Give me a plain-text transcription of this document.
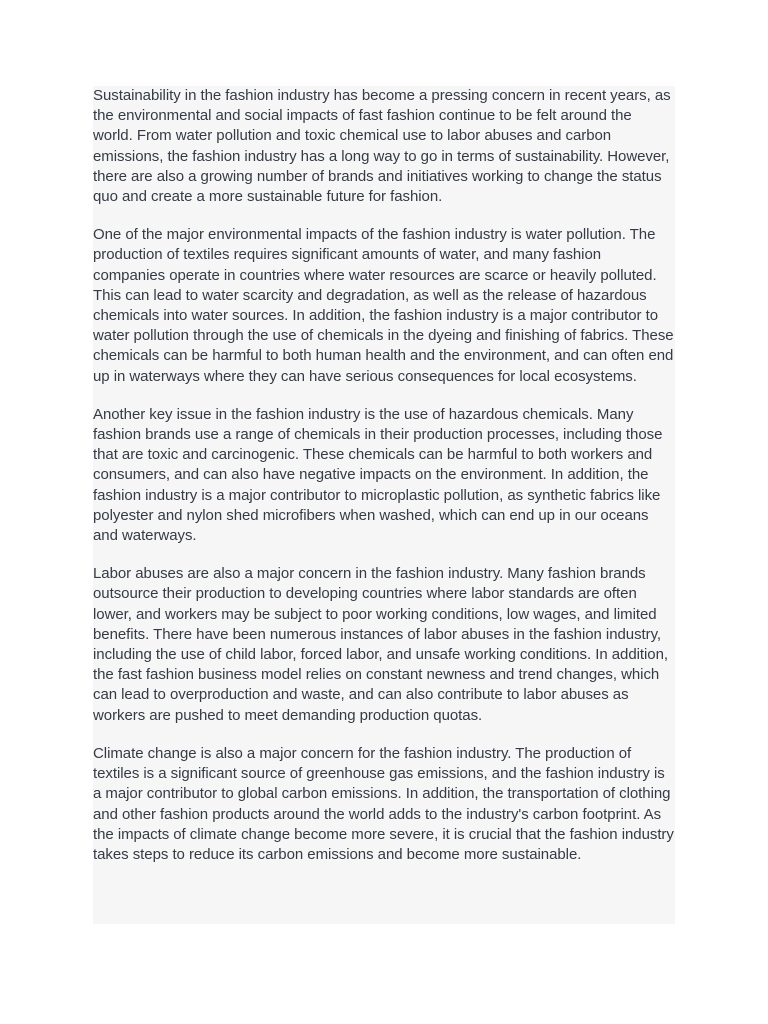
Sustainability in the fashion industry has become a pressing concern in recent years, as the environmental and social impacts of fast fashion continue to be felt around the world. From water pollution and toxic chemical use to labor abuses and carbon emissions, the fashion industry has a long way to go in terms of sustainability. However, there are also a growing number of brands and initiatives working to change the status quo and create a more sustainable future for fashion.

One of the major environmental impacts of the fashion industry is water pollution. The production of textiles requires significant amounts of water, and many fashion companies operate in countries where water resources are scarce or heavily polluted. This can lead to water scarcity and degradation, as well as the release of hazardous chemicals into water sources. In addition, the fashion industry is a major contributor to water pollution through the use of chemicals in the dyeing and finishing of fabrics. These chemicals can be harmful to both human health and the environment, and can often end up in waterways where they can have serious consequences for local ecosystems.

Another key issue in the fashion industry is the use of hazardous chemicals. Many fashion brands use a range of chemicals in their production processes, including those that are toxic and carcinogenic. These chemicals can be harmful to both workers and consumers, and can also have negative impacts on the environment. In addition, the fashion industry is a major contributor to microplastic pollution, as synthetic fabrics like polyester and nylon shed microfibers when washed, which can end up in our oceans and waterways.

Labor abuses are also a major concern in the fashion industry. Many fashion brands outsource their production to developing countries where labor standards are often lower, and workers may be subject to poor working conditions, low wages, and limited benefits. There have been numerous instances of labor abuses in the fashion industry, including the use of child labor, forced labor, and unsafe working conditions. In addition, the fast fashion business model relies on constant newness and trend changes, which can lead to overproduction and waste, and can also contribute to labor abuses as workers are pushed to meet demanding production quotas.

Climate change is also a major concern for the fashion industry. The production of textiles is a significant source of greenhouse gas emissions, and the fashion industry is a major contributor to global carbon emissions. In addition, the transportation of clothing and other fashion products around the world adds to the industry's carbon footprint. As the impacts of climate change become more severe, it is crucial that the fashion industry takes steps to reduce its carbon emissions and become more sustainable.
